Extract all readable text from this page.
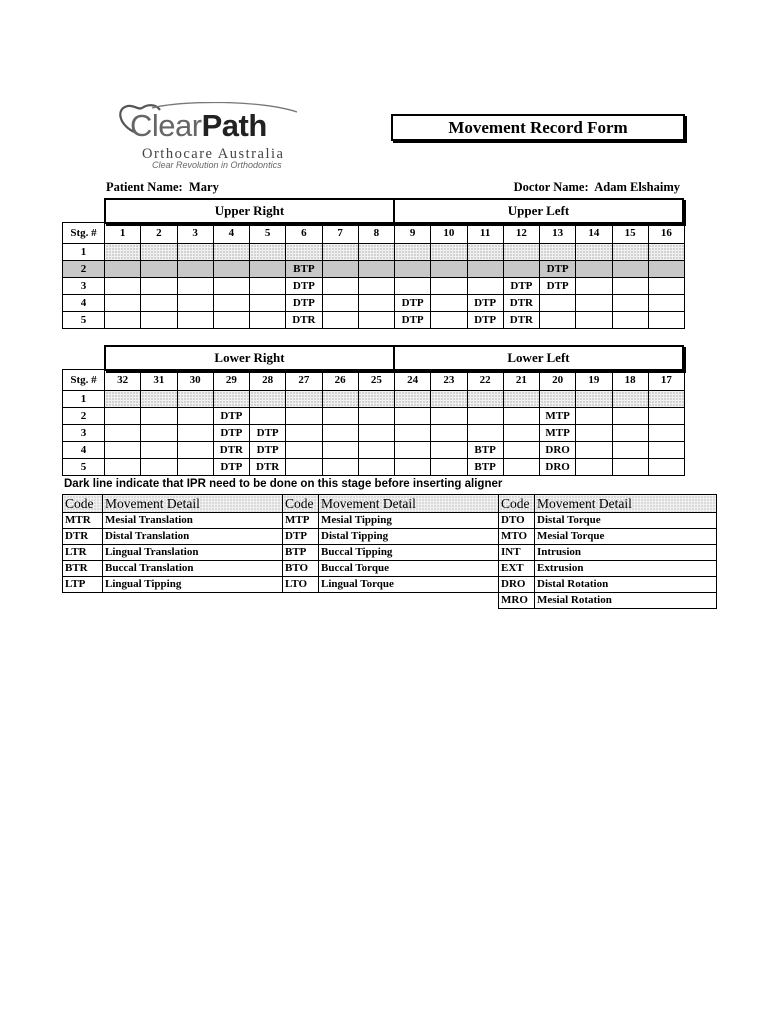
ClearPath
Orthocare Australia
Clear Revolution in Orthodontics
Movement Record Form
Patient Name: Mary	Doctor Name: Adam Elshaimy
Upper Right	Upper Left
Stg. #	1	2	3	4	5	6	7	8	9	10	11	12	13	14	15	16
1																
2						BTP							DTP			
3						DTP						DTP	DTP			
4						DTP			DTP		DTP	DTR				
5						DTR			DTP		DTP	DTR				
Lower Right	Lower Left
Stg. #	32	31	30	29	28	27	26	25	24	23	22	21	20	19	18	17
1																
2				DTP									MTP			
3				DTP	DTP								MTP			
4				DTR	DTP						BTP		DRO			
5				DTP	DTR						BTP		DRO			
Dark line indicate that IPR need to be done on this stage before inserting aligner
Code	Movement Detail	Code	Movement Detail	Code	Movement Detail
MTR	Mesial Translation	MTP	Mesial Tipping	DTO	Distal Torque
DTR	Distal Translation	DTP	Distal Tipping	MTO	Mesial Torque
LTR	Lingual Translation	BTP	Buccal Tipping	INT	Intrusion
BTR	Buccal Translation	BTO	Buccal Torque	EXT	Extrusion
LTP	Lingual Tipping	LTO	Lingual Torque	DRO	Distal Rotation
				MRO	Mesial Rotation
